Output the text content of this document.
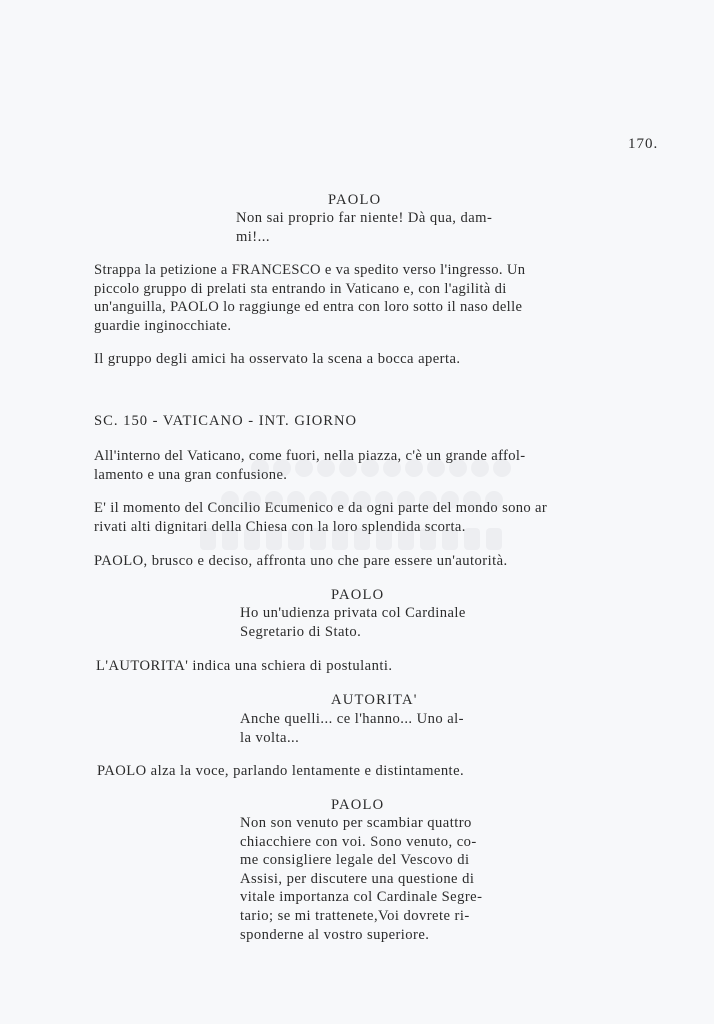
170.
PAOLO
Non sai proprio far niente! Dà qua, dam-
mi!...
Strappa la petizione a FRANCESCO e va spedito verso l'ingresso. Un
piccolo gruppo di prelati sta entrando in Vaticano e, con l'agilità di
un'anguilla, PAOLO lo raggiunge ed entra con loro sotto il naso delle
guardie inginocchiate.
Il gruppo degli amici ha osservato la scena a bocca aperta.
SC. 150 - VATICANO - INT. GIORNO
All'interno del Vaticano, come fuori, nella piazza, c'è un grande affol-
lamento e una gran confusione.
E' il momento del Concilio Ecumenico e da ogni parte del mondo sono ar
rivati alti dignitari della Chiesa con la loro splendida scorta.
PAOLO, brusco e deciso, affronta uno che pare essere un'autorità.
PAOLO
Ho un'udienza privata col Cardinale
Segretario di Stato.
L'AUTORITA' indica una schiera di postulanti.
AUTORITA'
Anche quelli... ce l'hanno... Uno al-
la volta...
PAOLO alza la voce, parlando lentamente e distintamente.
PAOLO
Non son venuto per scambiar quattro
chiacchiere con voi. Sono venuto, co-
me consigliere legale del Vescovo di
Assisi, per discutere una questione di
vitale importanza col Cardinale Segre-
tario; se mi trattenete,Voi dovrete ri-
sponderne al vostro superiore.
